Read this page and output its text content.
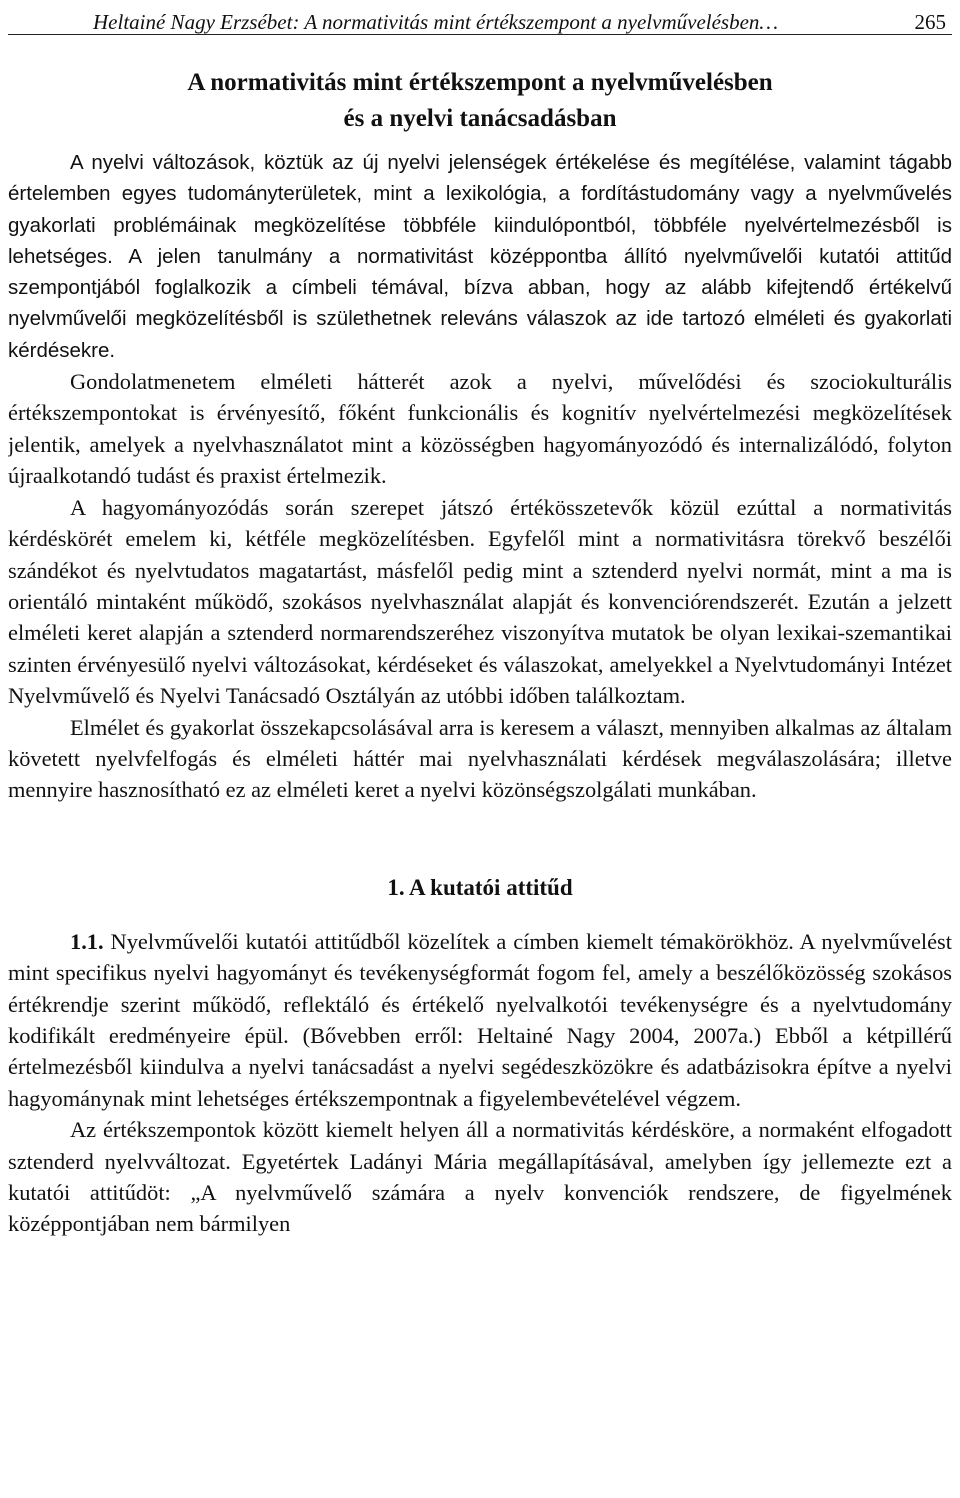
Heltainé Nagy Erzsébet: A normativitás mint értékszempont a nyelvművelésben…	265
A normativitás mint értékszempont a nyelvművelésben
és a nyelvi tanácsadásban

A nyelvi változások, köztük az új nyelvi jelenségek értékelése és megítélése, valamint tágabb értelemben egyes tudományterületek, mint a lexikológia, a fordítástudomány vagy a nyelvművelés gyakorlati problémáinak megközelítése többféle kiindulópontból, többféle nyelvértelmezésből is lehetséges. A jelen tanulmány a normativitást középpontba állító nyelvművelői kutatói attitűd szempontjából foglalkozik a címbeli témával, bízva abban, hogy az alább kifejtendő értékelvű nyelvművelői megközelítésből is születhetnek releváns válaszok az ide tartozó elméleti és gyakorlati kérdésekre.

Gondolatmenetem elméleti hátterét azok a nyelvi, művelődési és szociokulturális értékszempontokat is érvényesítő, főként funkcionális és kognitív nyelvértelmezési megközelítések jelentik, amelyek a nyelvhasználatot mint a közösségben hagyományozódó és internalizálódó, folyton újraalkotandó tudást és praxist értelmezik.

A hagyományozódás során szerepet játszó értékösszetevők közül ezúttal a normativitás kérdéskörét emelem ki, kétféle megközelítésben. Egyfelől mint a normativitásra törekvő beszélői szándékot és nyelvtudatos magatartást, másfelől pedig mint a sztenderd nyelvi normát, mint a ma is orientáló mintaként működő, szokásos nyelvhasználat alapját és konvenciórendszerét. Ezután a jelzett elméleti keret alapján a sztenderd normarendszeréhez viszonyítva mutatok be olyan lexikai-szemantikai szinten érvényesülő nyelvi változásokat, kérdéseket és válaszokat, amelyekkel a Nyelvtudományi Intézet Nyelvművelő és Nyelvi Tanácsadó Osztályán az utóbbi időben találkoztam.

Elmélet és gyakorlat összekapcsolásával arra is keresem a választ, mennyiben alkalmas az általam követett nyelvfelfogás és elméleti háttér mai nyelvhasználati kérdések megválaszolására; illetve mennyire hasznosítható ez az elméleti keret a nyelvi közönségszolgálati munkában.

1. A kutatói attitűd

1.1. Nyelvművelői kutatói attitűdből közelítek a címben kiemelt témakörökhöz. A nyelvművelést mint specifikus nyelvi hagyományt és tevékenységformát fogom fel, amely a beszélőközösség szokásos értékrendje szerint működő, reflektáló és értékelő nyelvalkotói tevékenységre és a nyelvtudomány kodifikált eredményeire épül. (Bővebben erről: Heltainé Nagy 2004, 2007a.) Ebből a kétpillérű értelmezésből kiindulva a nyelvi tanácsadást a nyelvi segédeszközökre és adatbázisokra építve a nyelvi hagyománynak mint lehetséges értékszempontnak a figyelembevételével végzem.

Az értékszempontok között kiemelt helyen áll a normativitás kérdésköre, a normaként elfogadott sztenderd nyelvváltozat. Egyetértek Ladányi Mária megállapításával, amelyben így jellemezte ezt a kutatói attitűdöt: „A nyelvművelő számára a nyelv konvenciók rendszere, de figyelmének középpontjában nem bármilyen
